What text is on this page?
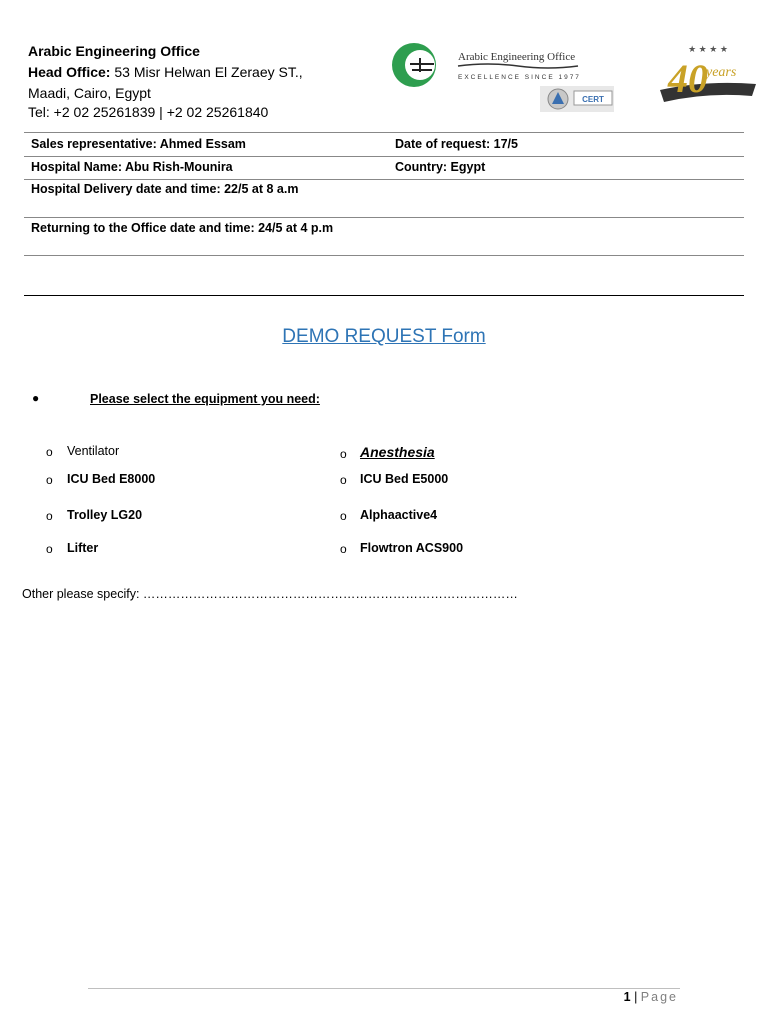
Arabic Engineering Office
Head Office: 53 Misr Helwan El Zeraey ST.,
Maadi, Cairo, Egypt
Tel: +2 02 25261839 | +2 02 25261840
Arabic Engineering Office
EXCELLENCE SINCE 1977
CERT
★ ★ ★ ★
40
years
Sales representative: Ahmed Essam	Date of request: 17/5
Hospital Name: Abu Rish-Mounira	Country: Egypt
Hospital Delivery date and time: 22/5 at 8 a.m
Returning to the Office date and time: 24/5 at 4 p.m
DEMO REQUEST Form
●	Please select the equipment you need:
o Ventilator
o ICU Bed E8000
o Trolley LG20
o Lifter
o Anesthesia
o ICU Bed E5000
o Alphaactive4
o Flowtron ACS900
Other please specify: ………………………………………………………………………………
1 | Page
